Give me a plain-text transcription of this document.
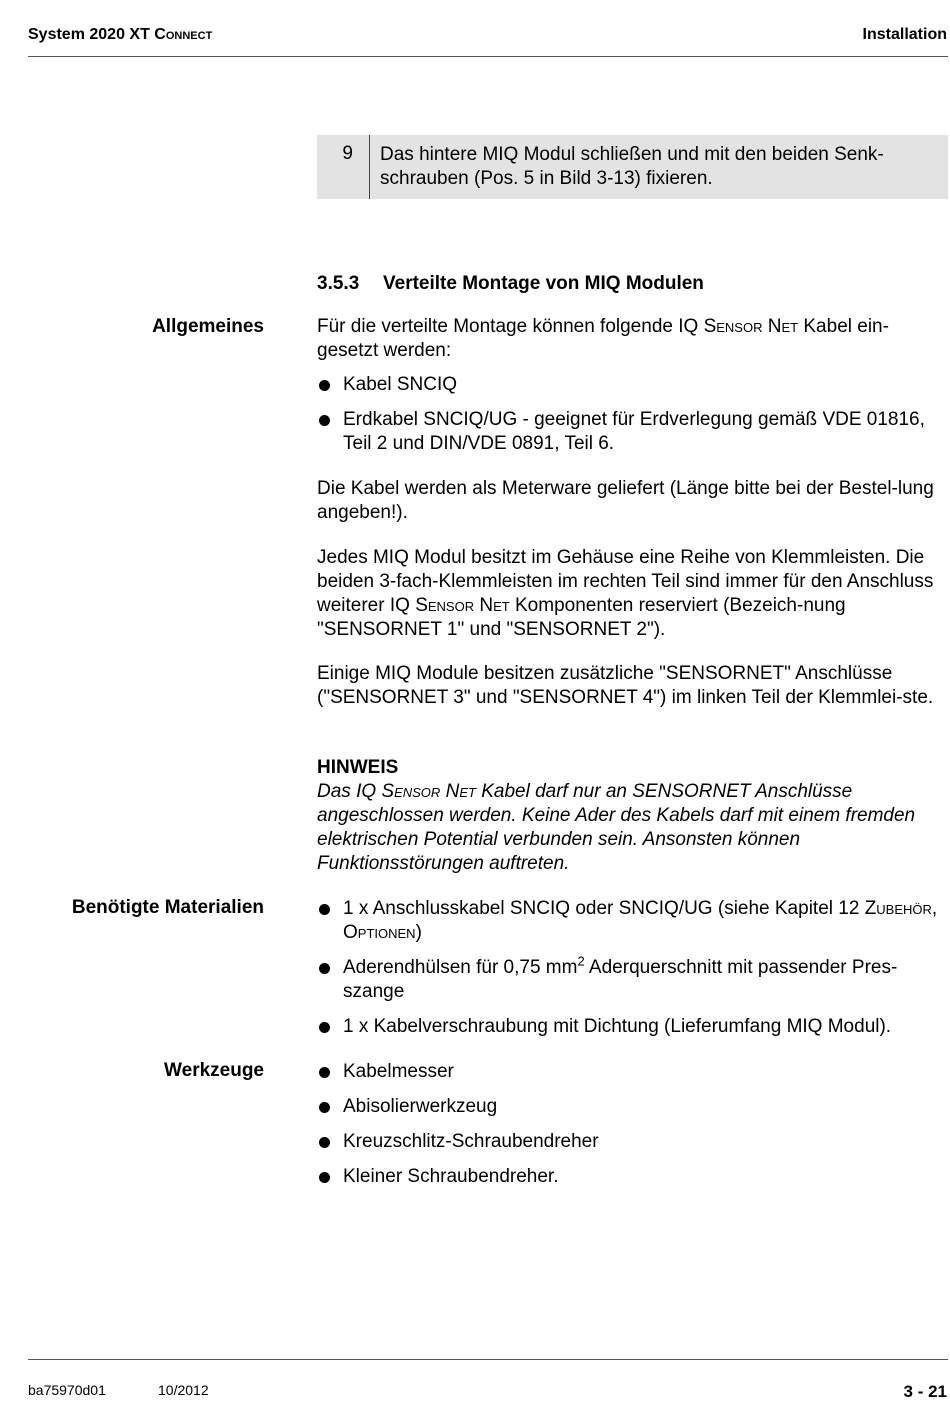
System 2020 XT Connect	Installation
9 Das hintere MIQ Modul schließen und mit den beiden Senk-schrauben (Pos. 5 in Bild 3-13) fixieren.
3.5.3 Verteilte Montage von MIQ Modulen
Allgemeines	Für die verteilte Montage können folgende IQ Sensor Net Kabel ein-gesetzt werden:
Kabel SNCIQ
Erdkabel SNCIQ/UG - geeignet für Erdverlegung gemäß VDE 01816, Teil 2 und DIN/VDE 0891, Teil 6.
Die Kabel werden als Meterware geliefert (Länge bitte bei der Bestel-lung angeben!).
Jedes MIQ Modul besitzt im Gehäuse eine Reihe von Klemmleisten. Die beiden 3-fach-Klemmleisten im rechten Teil sind immer für den Anschluss weiterer IQ Sensor Net Komponenten reserviert (Bezeich-nung "SENSORNET 1" und "SENSORNET 2").
Einige MIQ Module besitzen zusätzliche "SENSORNET" Anschlüsse ("SENSORNET 3" und "SENSORNET 4") im linken Teil der Klemmlei-ste.
HINWEIS
Das IQ Sensor Net Kabel darf nur an SENSORNET Anschlüsse angeschlossen werden. Keine Ader des Kabels darf mit einem fremden elektrischen Potential verbunden sein. Ansonsten können Funktionsstörungen auftreten.
Benötigte Materialien	1 x Anschlusskabel SNCIQ oder SNCIQ/UG (siehe Kapitel 12 Zubehör, Optionen)
Aderendhülsen für 0,75 $mm^2$ Aderquerschnitt mit passender Pres-szange
1 x Kabelverschraubung mit Dichtung (Lieferumfang MIQ Modul).
Werkzeuge	Kabelmesser
Abisolierwerkzeug
Kreuzschlitz-Schraubendreher
Kleiner Schraubendreher.
ba75970d01	10/2012	3 - 21
